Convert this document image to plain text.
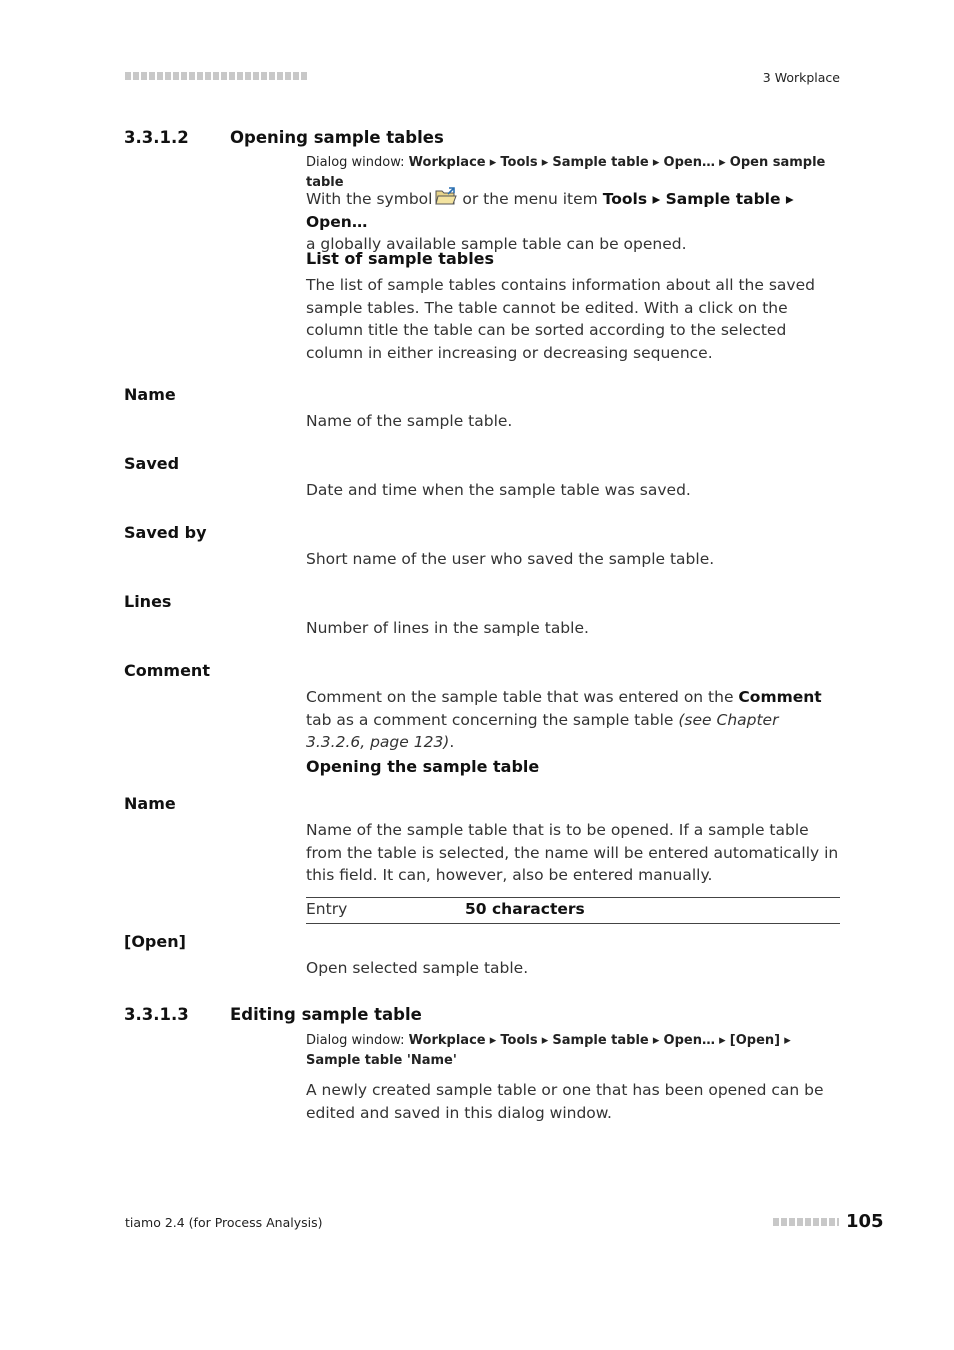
3 Workplace
3.3.1.2	Opening sample tables
Dialog window: Workplace ▸ Tools ▸ Sample table ▸ Open… ▸ Open sample table
With the symbol or the menu item Tools ▸ Sample table ▸ Open…
a globally available sample table can be opened.
List of sample tables
The list of sample tables contains information about all the saved sample tables. The table cannot be edited. With a click on the column title the table can be sorted according to the selected column in either increasing or decreasing sequence.
Name
Name of the sample table.
Saved
Date and time when the sample table was saved.
Saved by
Short name of the user who saved the sample table.
Lines
Number of lines in the sample table.
Comment
Comment on the sample table that was entered on the Comment tab as a comment concerning the sample table (see Chapter 3.3.2.6, page 123).
Opening the sample table
Name
Name of the sample table that is to be opened. If a sample table from the table is selected, the name will be entered automatically in this field. It can, however, also be entered manually.
Entry	50 characters
[Open]
Open selected sample table.
3.3.1.3	Editing sample table
Dialog window: Workplace ▸ Tools ▸ Sample table ▸ Open… ▸ [Open] ▸ Sample table 'Name'
A newly created sample table or one that has been opened can be edited and saved in this dialog window.
tiamo 2.4 (for Process Analysis)	105
